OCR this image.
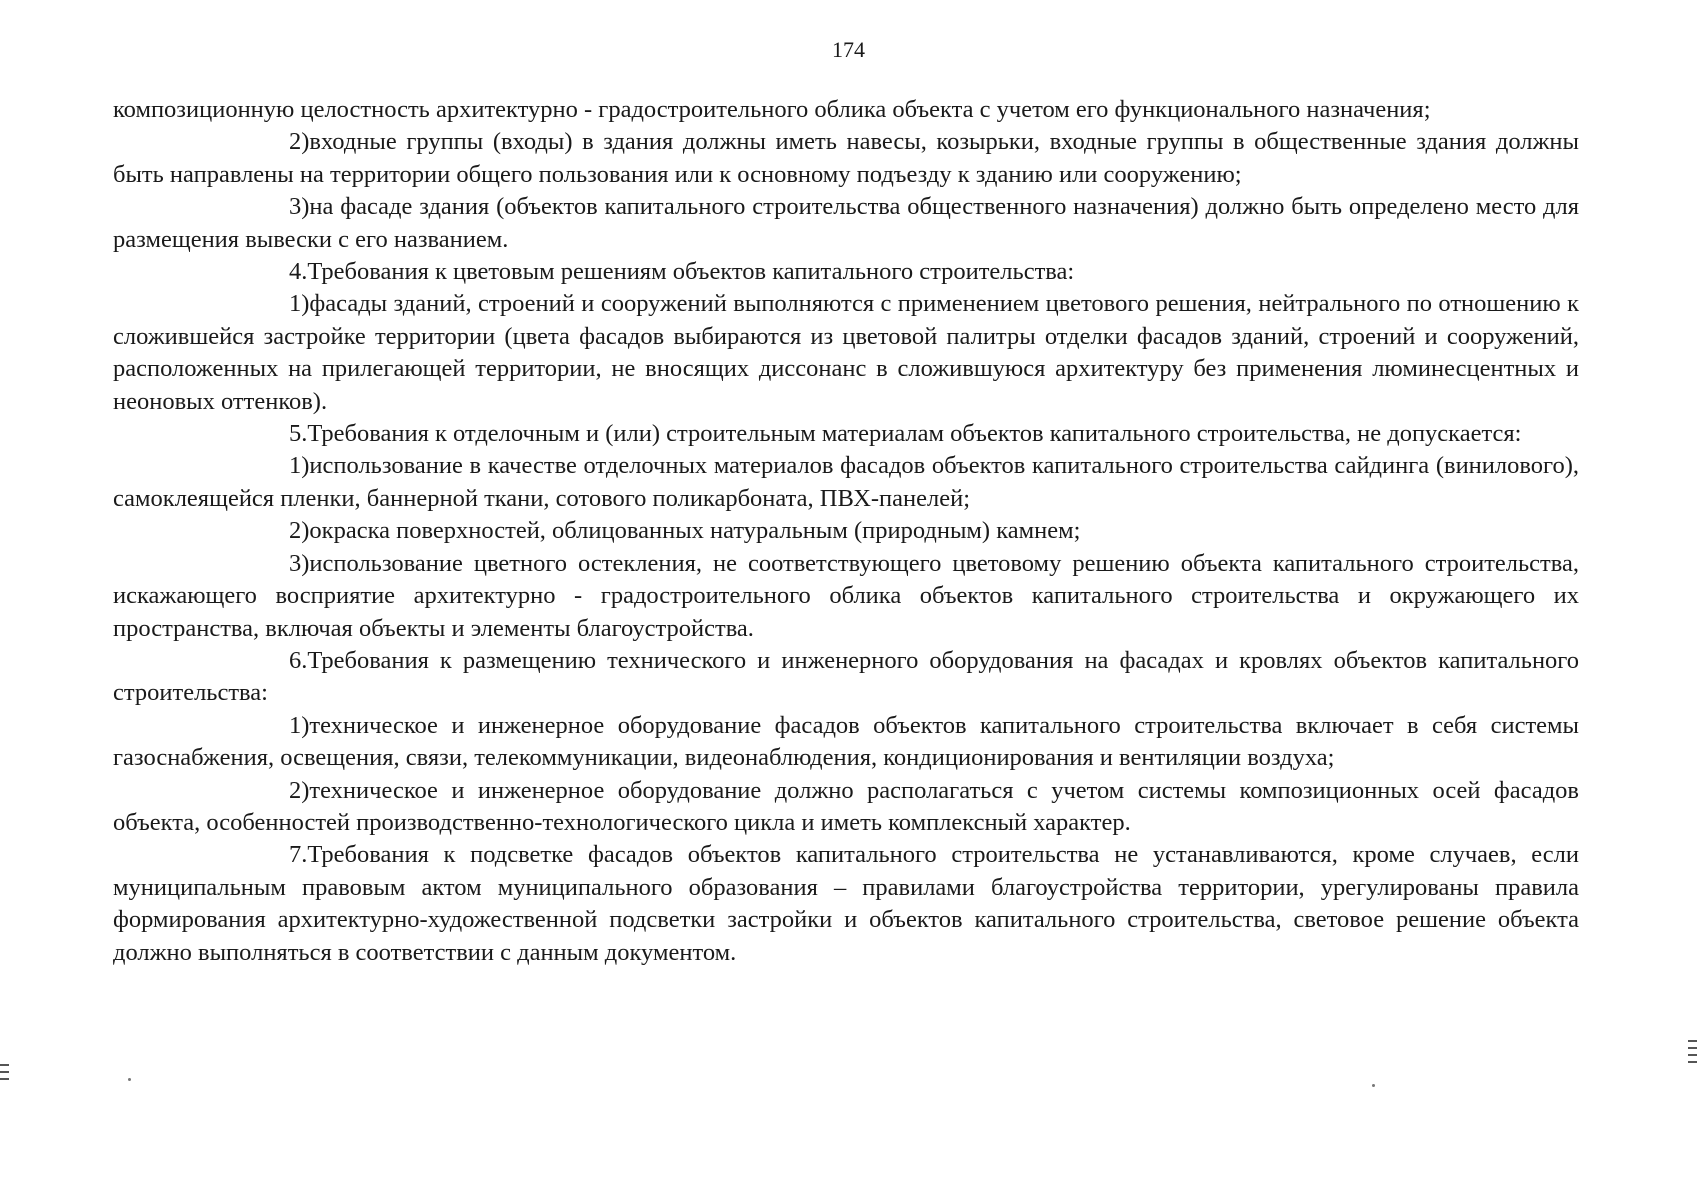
174

композиционную целостность архитектурно - градостроительного облика объекта с учетом его функционального назначения;

2)входные группы (входы) в здания должны иметь навесы, козырьки, входные группы в общественные здания должны быть направлены на территории общего пользования или к основному подъезду к зданию или сооружению;

3)на фасаде здания (объектов капитального строительства общественного назначения) должно быть определено место для размещения вывески с его названием.

4.Требования к цветовым решениям объектов капитального строительства:

1)фасады зданий, строений и сооружений выполняются с применением цветового решения, нейтрального по отношению к сложившейся застройке территории (цвета фасадов выбираются из цветовой палитры отделки фасадов зданий, строений и сооружений, расположенных на прилегающей территории, не вносящих диссонанс в сложившуюся архитектуру без применения люминесцентных и неоновых оттенков).

5.Требования к отделочным и (или) строительным материалам объектов капитального строительства, не допускается:

1)использование в качестве отделочных материалов фасадов объектов капитального строительства сайдинга (винилового), самоклеящейся пленки, баннерной ткани, сотового поликарбоната, ПВХ-панелей;

2)окраска поверхностей, облицованных натуральным (природным) камнем;

3)использование цветного остекления, не соответствующего цветовому решению объекта капитального строительства, искажающего восприятие архитектурно - градостроительного облика объектов капитального строительства и окружающего их пространства, включая объекты и элементы благоустройства.

6.Требования к размещению технического и инженерного оборудования на фасадах и кровлях объектов капитального строительства:

1)техническое и инженерное оборудование фасадов объектов капитального строительства включает в себя системы газоснабжения, освещения, связи, телекоммуникации, видеонаблюдения, кондиционирования и вентиляции воздуха;

2)техническое и инженерное оборудование должно располагаться с учетом системы композиционных осей фасадов объекта, особенностей производственно-технологического цикла и иметь комплексный характер.

7.Требования к подсветке фасадов объектов капитального строительства не устанавливаются, кроме случаев, если муниципальным правовым актом муниципального образования – правилами благоустройства территории, урегулированы правила формирования архитектурно-художественной подсветки застройки и объектов капитального строительства, световое решение объекта должно выполняться в соответствии с данным документом.
